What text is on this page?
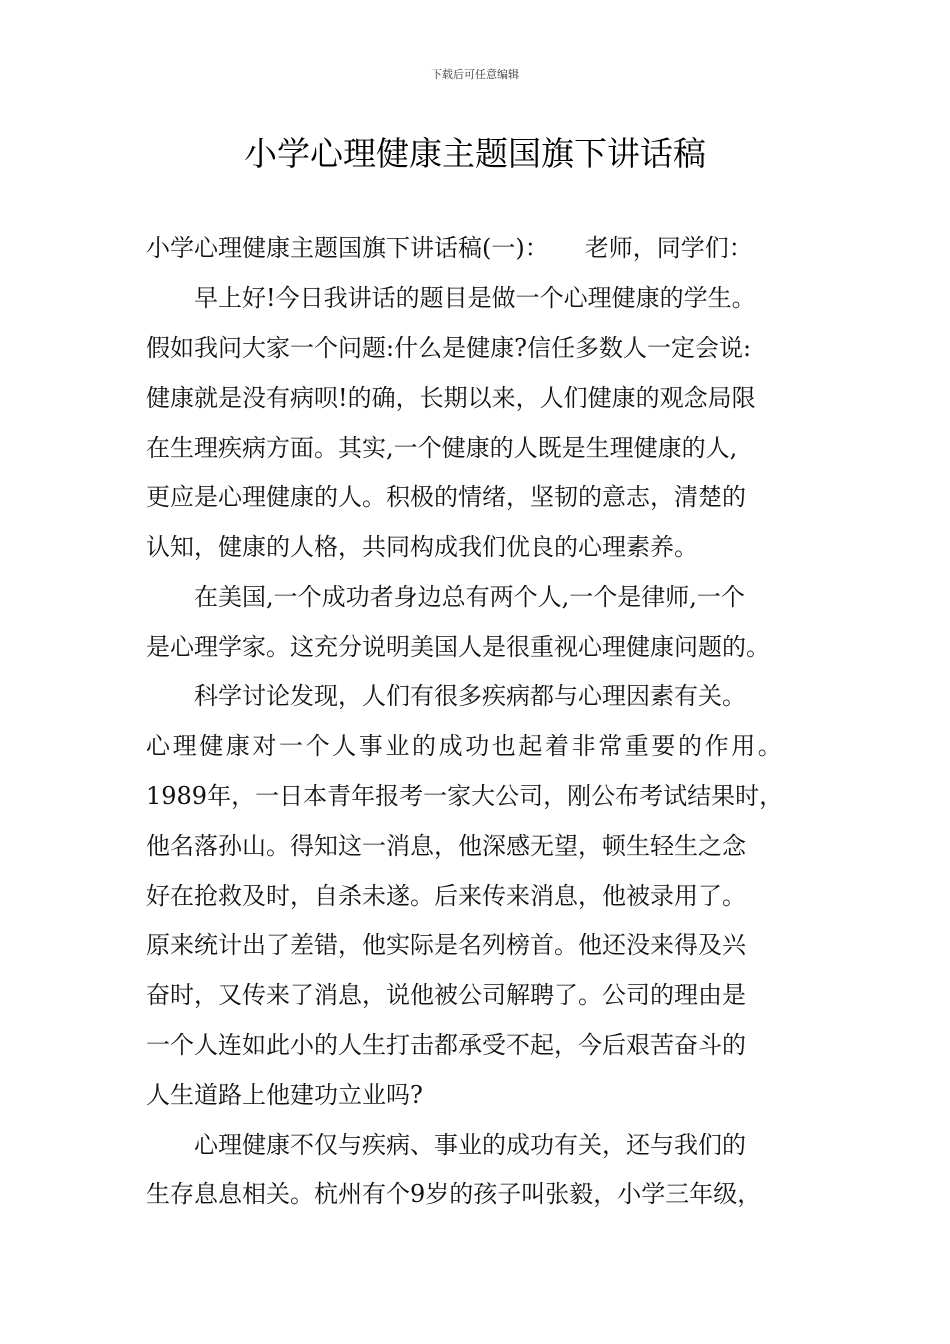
下载后可任意编辑
小学心理健康主题国旗下讲话稿

小学心理健康主题国旗下讲话稿(一)：　　老师，同学们：

　　早上好!今日我讲话的题目是做一个心理健康的学生。

假如我问大家一个问题:什么是健康?信任多数人一定会说:

健康就是没有病呗!的确，长期以来，人们健康的观念局限

在生理疾病方面。其实,一个健康的人既是生理健康的人,

更应是心理健康的人。积极的情绪，坚韧的意志，清楚的

认知，健康的人格，共同构成我们优良的心理素养。

　　在美国,一个成功者身边总有两个人,一个是律师,一个

是心理学家。这充分说明美国人是很重视心理健康问题的。

　　科学讨论发现，人们有很多疾病都与心理因素有关。

心理健康对一个人事业的成功也起着非常重要的作用。

1989年，一日本青年报考一家大公司，刚公布考试结果时，

他名落孙山。得知这一消息，他深感无望，顿生轻生之念

好在抢救及时，自杀未遂。后来传来消息，他被录用了。

原来统计出了差错，他实际是名列榜首。他还没来得及兴

奋时，又传来了消息，说他被公司解聘了。公司的理由是

一个人连如此小的人生打击都承受不起，今后艰苦奋斗的

人生道路上他建功立业吗?

　　心理健康不仅与疾病、事业的成功有关，还与我们的

生存息息相关。杭州有个9岁的孩子叫张毅，小学三年级，
